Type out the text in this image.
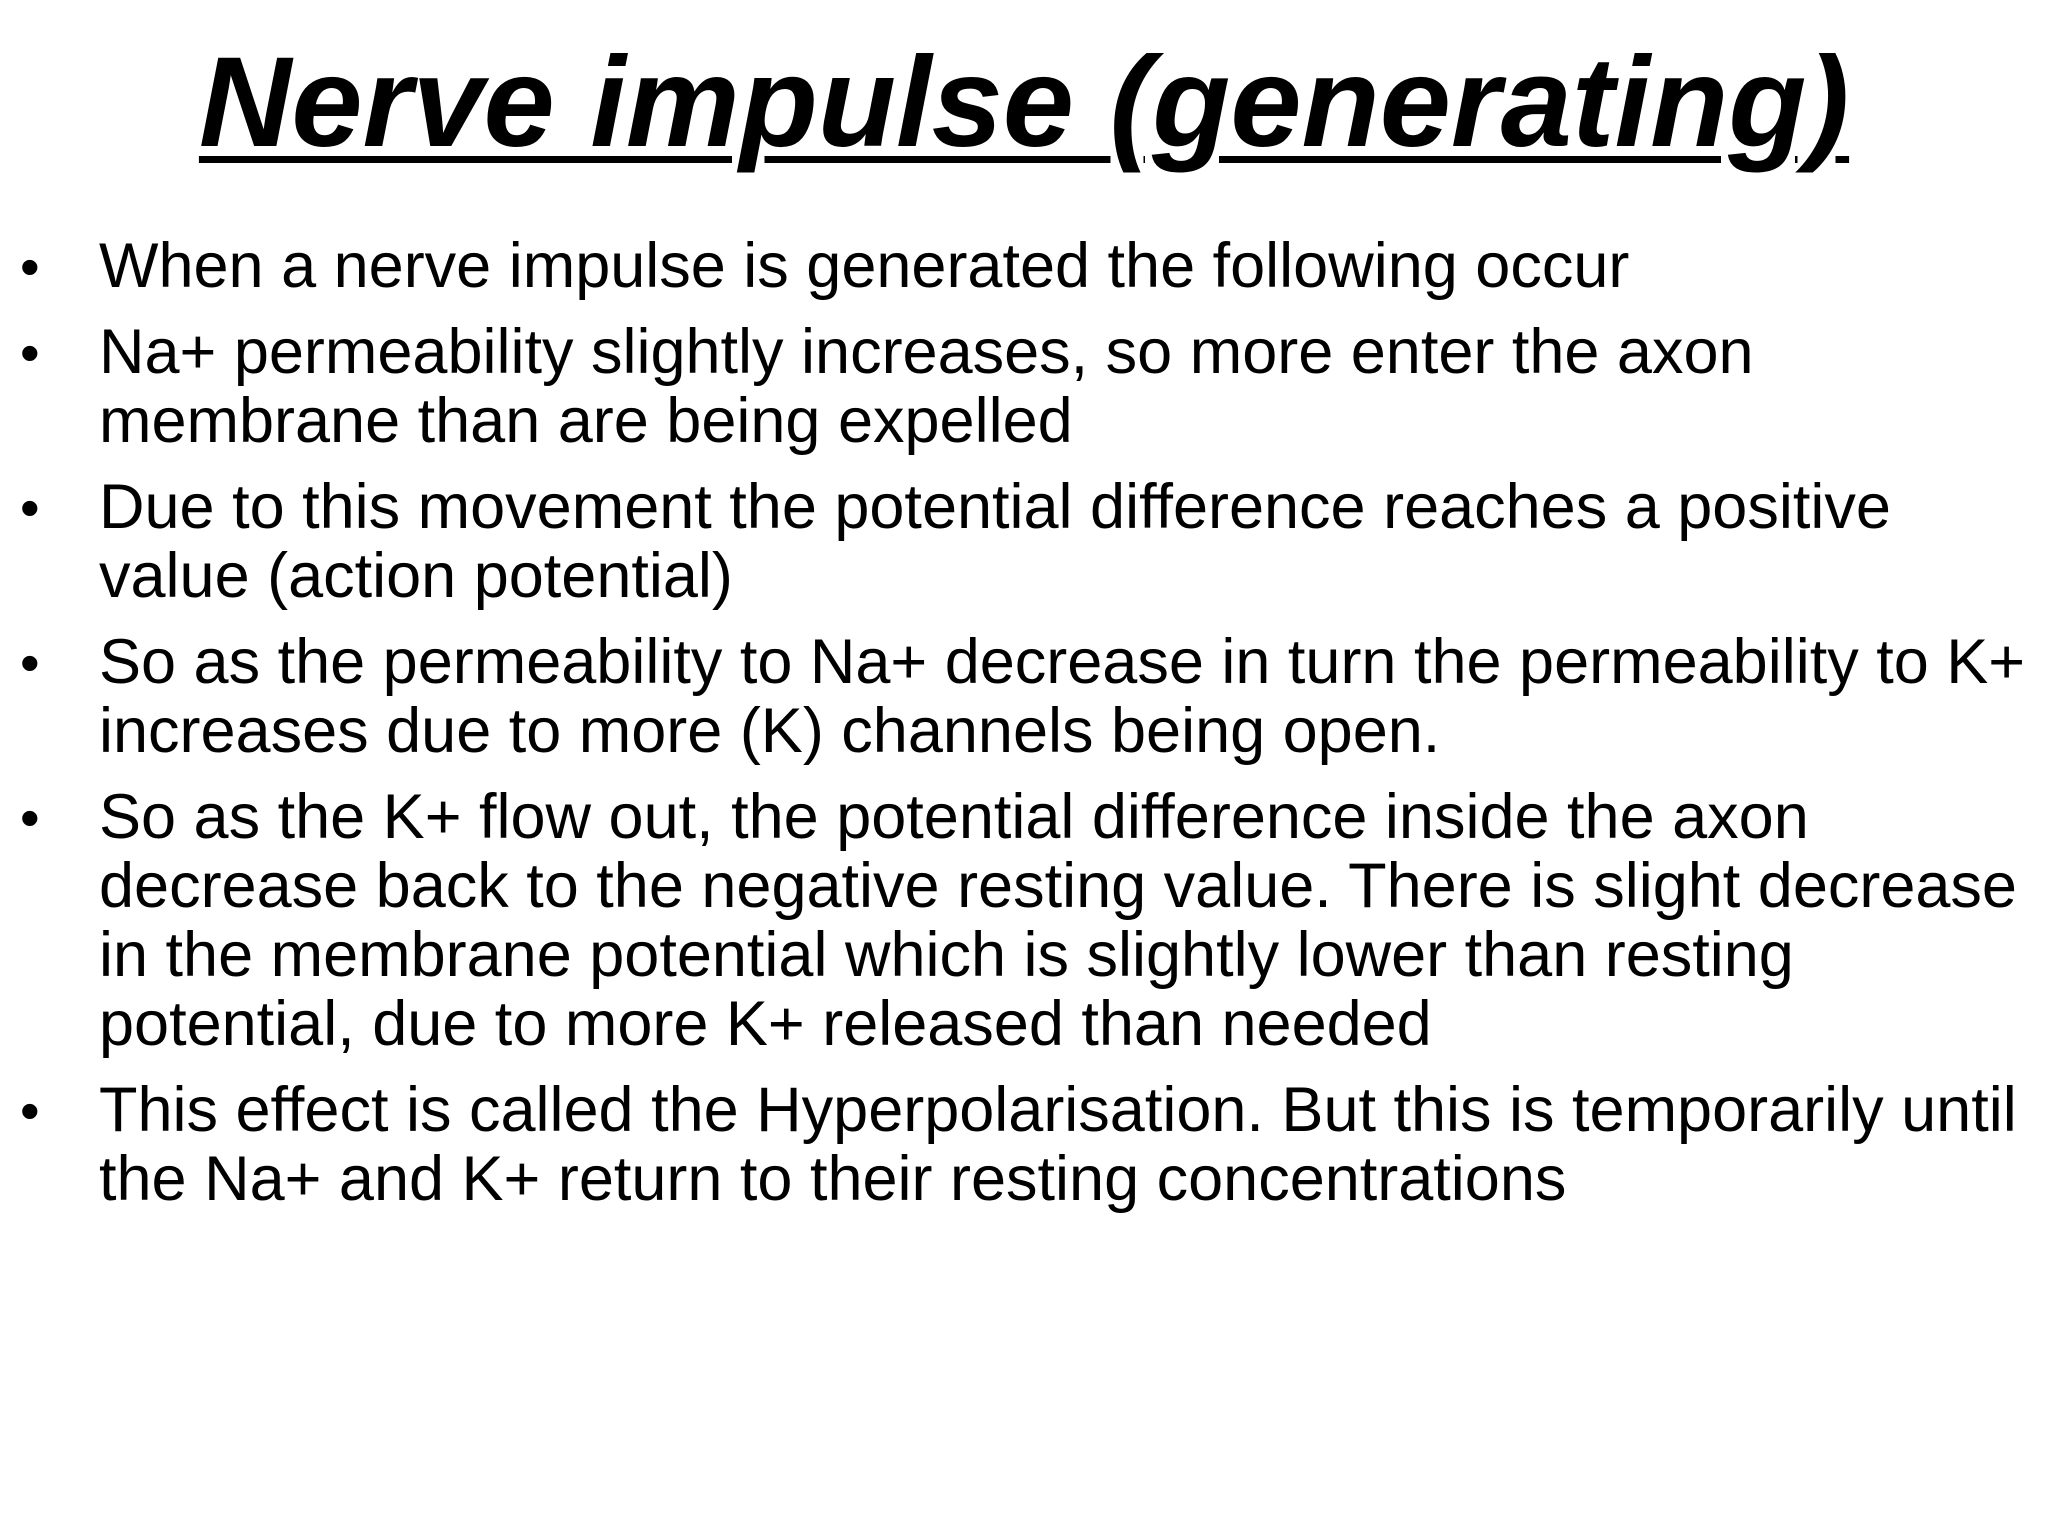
Nerve impulse (generating)
• When a nerve impulse is generated the following occur
• Na+ permeability slightly increases, so more enter the axon membrane than are being expelled
• Due to this movement the potential difference reaches a positive value (action potential)
• So as the permeability to Na+ decrease in turn the permeability to K+ increases due to more (K) channels being open.
• So as the K+ flow out, the potential difference inside the axon decrease back to the negative resting value. There is slight decrease in the membrane potential which is slightly lower than resting potential, due to more K+ released than needed
• This effect is called the Hyperpolarisation. But this is temporarily until the Na+ and K+ return to their resting concentrations
